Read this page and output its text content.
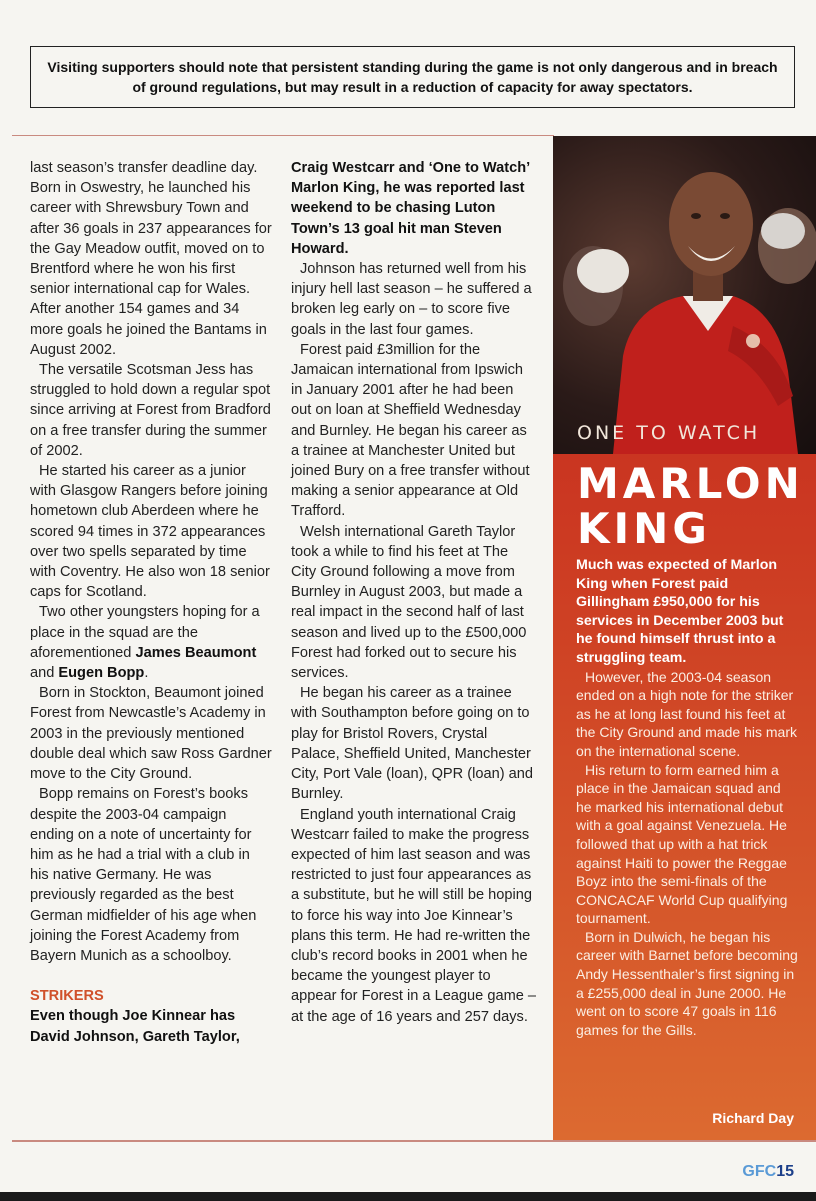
Visiting supporters should note that persistent standing during the game is not only dangerous and in breach of ground regulations, but may result in a reduction of capacity for away spectators.

last season’s transfer deadline day. Born in Oswestry, he launched his career with Shrewsbury Town and after 36 goals in 237 appearances for the Gay Meadow outfit, moved on to Brentford where he won his first senior international cap for Wales. After another 154 games and 34 more goals he joined the Bantams in August 2002.

The versatile Scotsman Jess has struggled to hold down a regular spot since arriving at Forest from Bradford on a free transfer during the summer of 2002.

He started his career as a junior with Glasgow Rangers before joining hometown club Aberdeen where he scored 94 times in 372 appearances over two spells separated by time with Coventry. He also won 18 senior caps for Scotland.

Two other youngsters hoping for a place in the squad are the aforementioned James Beaumont and Eugen Bopp.

Born in Stockton, Beaumont joined Forest from Newcastle’s Academy in 2003 in the previously mentioned double deal which saw Ross Gardner move to the City Ground.

Bopp remains on Forest’s books despite the 2003-04 campaign ending on a note of uncertainty for him as he had a trial with a club in his native Germany. He was previously regarded as the best German midfielder of his age when joining the Forest Academy from Bayern Munich as a schoolboy.

STRIKERS

Even though Joe Kinnear has David Johnson, Gareth Taylor,

Craig Westcarr and ‘One to Watch’ Marlon King, he was reported last weekend to be chasing Luton Town’s 13 goal hit man Steven Howard.

Johnson has returned well from his injury hell last season – he suffered a broken leg early on – to score five goals in the last four games.

Forest paid £3million for the Jamaican international from Ipswich in January 2001 after he had been out on loan at Sheffield Wednesday and Burnley. He began his career as a trainee at Manchester United but joined Bury on a free transfer without making a senior appearance at Old Trafford.

Welsh international Gareth Taylor took a while to find his feet at The City Ground following a move from Burnley in August 2003, but made a real impact in the second half of last season and lived up to the £500,000 Forest had forked out to secure his services.

He began his career as a trainee with Southampton before going on to play for Bristol Rovers, Crystal Palace, Sheffield United, Manchester City, Port Vale (loan), QPR (loan) and Burnley.

England youth international Craig Westcarr failed to make the progress expected of him last season and was restricted to just four appearances as a substitute, but he will still be hoping to force his way into Joe Kinnear’s plans this term. He had re-written the club’s record books in 2001 when he became the youngest player to appear for Forest in a League game – at the age of 16 years and 257 days.

ONE TO WATCH
MARLON
KING

Much was expected of Marlon King when Forest paid Gillingham £950,000 for his services in December 2003 but he found himself thrust into a struggling team.

However, the 2003-04 season ended on a high note for the striker as he at long last found his feet at the City Ground and made his mark on the international scene.

His return to form earned him a place in the Jamaican squad and he marked his international debut with a goal against Venezuela. He followed that up with a hat trick against Haiti to power the Reggae Boyz into the semi-finals of the CONCACAF World Cup qualifying tournament.

Born in Dulwich, he began his career with Barnet before becoming Andy Hessenthaler’s first signing in a £255,000 deal in June 2000. He went on to score 47 goals in 116 games for the Gills.

Richard Day
GFC15
